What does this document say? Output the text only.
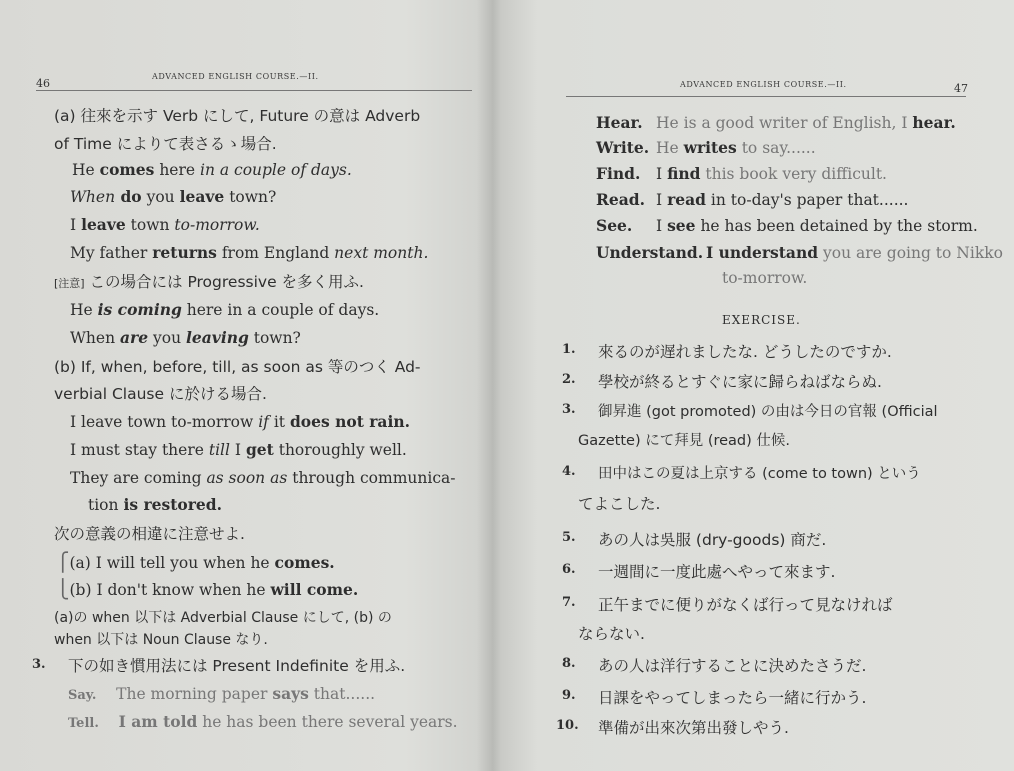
46
ADVANCED ENGLISH COURSE.—II.
(a) 往來を示す Verb にして, Future の意は Adverb
of Time によりて表さるゝ場合.
He comes here in a couple of days.
When do you leave town?
I leave town to-morrow.
My father returns from England next month.
[注意] この場合には Progressive を多く用ふ.
He is coming here in a couple of days.
When are you leaving town?
(b) If, when, before, till, as soon as 等のつく Ad-
verbial Clause に於ける場合.
I leave town to-morrow if it does not rain.
I must stay there till I get thoroughly well.
They are coming as soon as through communica-
tion is restored.
次の意義の相違に注意せよ.
⎧(a) I will tell you when he comes.
⎩(b) I don't know when he will come.
(a)の when 以下は Adverbial Clause にして, (b) の
when 以下は Noun Clause なり.
3. 下の如き慣用法には Present Indefinite を用ふ.
Say. The morning paper says that......
Tell. I am told he has been there several years.
ADVANCED ENGLISH COURSE.—II.	47
Hear. He is a good writer of English, I hear.
Write. He writes to say......
Find. I find this book very difficult.
Read. I read in to-day's paper that......
See. I see he has been detained by the storm.
Understand. I understand you are going to Nikko
to-morrow.
EXERCISE.
1. 來るのが遅れましたな. どうしたのですか.
2. 學校が終るとすぐに家に歸らねばならぬ.
3. 御昇進 (got promoted) の由は今日の官報 (Official
Gazette) にて拜見 (read) 仕候.
4. 田中はこの夏は上京する (come to town) という
てよこした.
5. あの人は吳服 (dry-goods) 商だ.
6. 一週間に一度此處へやって來ます.
7. 正午までに便りがなくば行って見なければ
ならない.
8. あの人は洋行することに決めたさうだ.
9. 日課をやってしまったら一緒に行かう.
10. 準備が出來次第出發しやう.
